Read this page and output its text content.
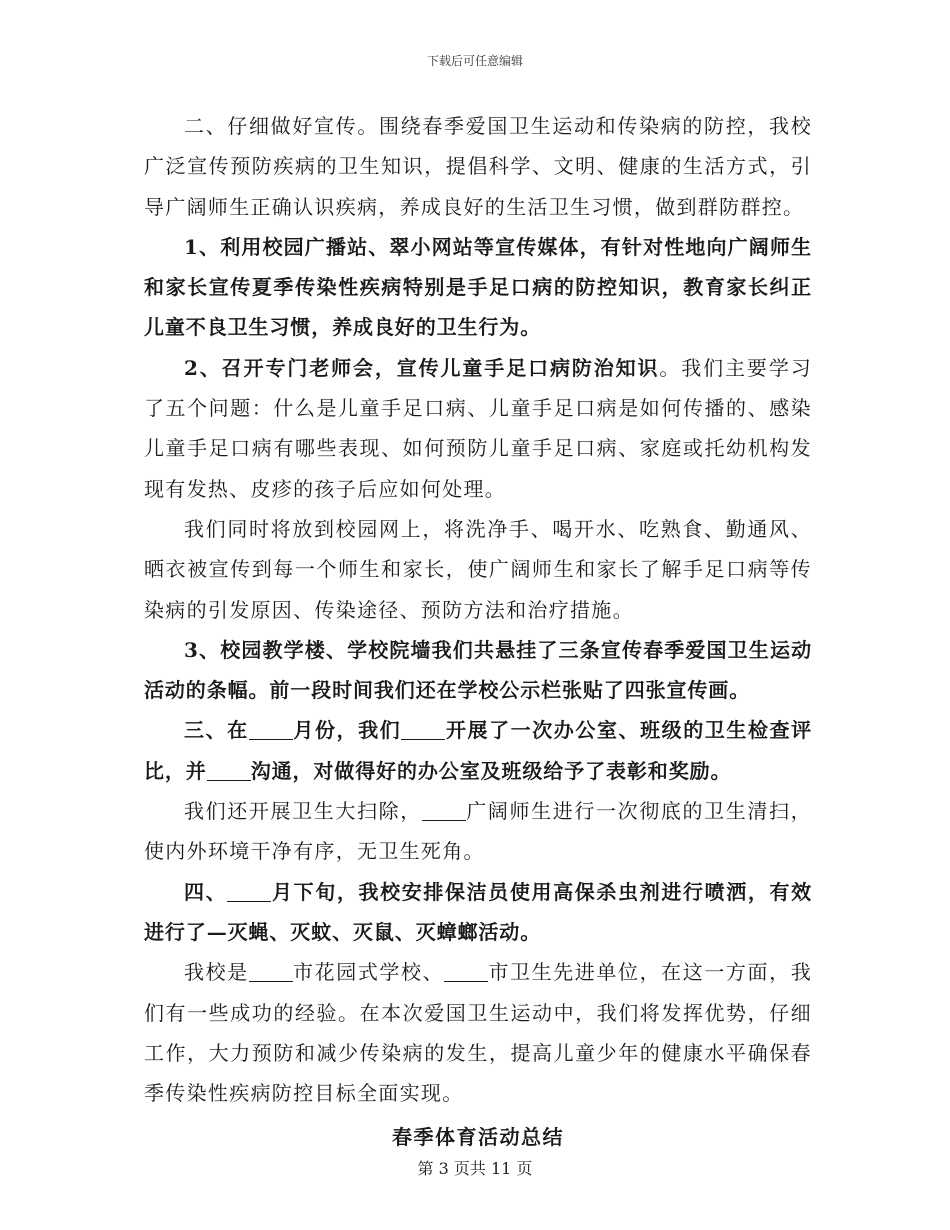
下载后可任意编辑

二、仔细做好宣传。围绕春季爱国卫生运动和传染病的防控，我校广泛宣传预防疾病的卫生知识，提倡科学、文明、健康的生活方式，引导广阔师生正确认识疾病，养成良好的生活卫生习惯，做到群防群控。

1、利用校园广播站、翠小网站等宣传媒体，有针对性地向广阔师生和家长宣传夏季传染性疾病特别是手足口病的防控知识，教育家长纠正儿童不良卫生习惯，养成良好的卫生行为。

2、召开专门老师会，宣传儿童手足口病防治知识。我们主要学习了五个问题：什么是儿童手足口病、儿童手足口病是如何传播的、感染儿童手足口病有哪些表现、如何预防儿童手足口病、家庭或托幼机构发现有发热、皮疹的孩子后应如何处理。

我们同时将放到校园网上，将洗净手、喝开水、吃熟食、勤通风、晒衣被宣传到每一个师生和家长，使广阔师生和家长了解手足口病等传染病的引发原因、传染途径、预防方法和治疗措施。

3、校园教学楼、学校院墙我们共悬挂了三条宣传春季爱国卫生运动活动的条幅。前一段时间我们还在学校公示栏张贴了四张宣传画。

三、在 月份，我们 开展了一次办公室、班级的卫生检查评比，并 沟通，对做得好的办公室及班级给予了表彰和奖励。

我们还开展卫生大扫除， 广阔师生进行一次彻底的卫生清扫，使内外环境干净有序，无卫生死角。

四、 月下旬，我校安排保洁员使用高保杀虫剂进行喷洒，有效进行了—灭蝇、灭蚊、灭鼠、灭蟑螂活动。

我校是 市花园式学校、 市卫生先进单位，在这一方面，我们有一些成功的经验。在本次爱国卫生运动中，我们将发挥优势，仔细工作，大力预防和减少传染病的发生，提高儿童少年的健康水平确保春季传染性疾病防控目标全面实现。

春季体育活动总结

第 3 页共 11 页
